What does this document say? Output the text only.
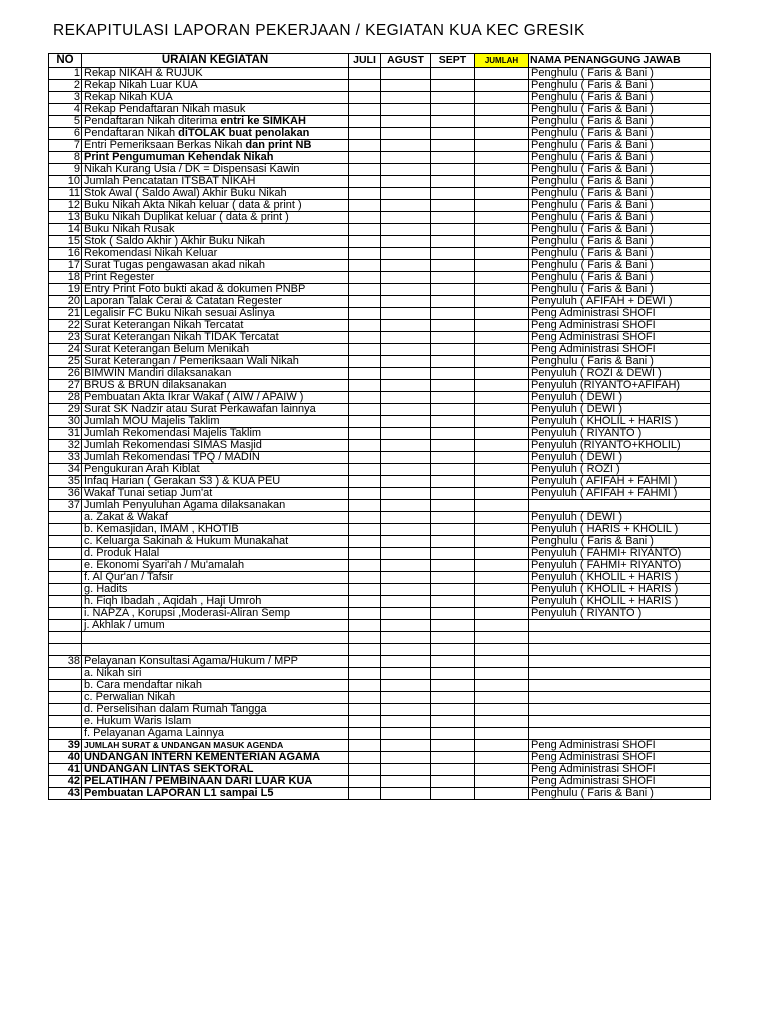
REKAPITULASI LAPORAN PEKERJAAN / KEGIATAN KUA KEC GRESIK
NO	URAIAN KEGIATAN	JULI	AGUST	SEPT	JUMLAH	NAMA PENANGGUNG JAWAB
1	Rekap NIKAH & RUJUK					Penghulu ( Faris & Bani )
2	Rekap Nikah Luar KUA					Penghulu ( Faris & Bani )
3	Rekap Nikah KUA					Penghulu ( Faris & Bani )
4	Rekap Pendaftaran Nikah masuk					Penghulu ( Faris & Bani )
5	Pendaftaran Nikah diterima entri ke SIMKAH					Penghulu ( Faris & Bani )
6	Pendaftaran Nikah diTOLAK buat penolakan					Penghulu ( Faris & Bani )
7	Entri Pemeriksaan Berkas Nikah dan print NB					Penghulu ( Faris & Bani )
8	Print Pengumuman Kehendak Nikah					Penghulu ( Faris & Bani )
9	Nikah Kurang Usia / DK = Dispensasi Kawin					Penghulu ( Faris & Bani )
10	Jumlah Pencatatan ITSBAT NIKAH					Penghulu ( Faris & Bani )
11	Stok Awal ( Saldo Awal) Akhir Buku Nikah					Penghulu ( Faris & Bani )
12	Buku Nikah Akta Nikah keluar ( data & print )					Penghulu ( Faris & Bani )
13	Buku Nikah Duplikat keluar ( data & print )					Penghulu ( Faris & Bani )
14	Buku Nikah Rusak					Penghulu ( Faris & Bani )
15	Stok ( Saldo Akhir ) Akhir Buku Nikah					Penghulu ( Faris & Bani )
16	Rekomendasi Nikah Keluar					Penghulu ( Faris & Bani )
17	Surat Tugas pengawasan akad nikah					Penghulu ( Faris & Bani )
18	Print Regester					Penghulu ( Faris & Bani )
19	Entry Print Foto bukti akad & dokumen PNBP					Penghulu ( Faris & Bani )
20	Laporan Talak Cerai & Catatan Regester					Penyuluh ( AFIFAH + DEWI )
21	Legalisir FC Buku Nikah sesuai Aslinya					Peng Administrasi SHOFI
22	Surat Keterangan Nikah Tercatat					Peng Administrasi SHOFI
23	Surat Keterangan Nikah TIDAK Tercatat					Peng Administrasi SHOFI
24	Surat Keterangan Belum Menikah					Peng Administrasi SHOFI
25	Surat Keterangan / Pemeriksaan Wali Nikah					Penghulu ( Faris & Bani )
26	BIMWIN Mandiri dilaksanakan					Penyuluh ( ROZI & DEWI )
27	BRUS & BRUN dilaksanakan					Penyuluh (RIYANTO+AFIFAH)
28	Pembuatan Akta Ikrar Wakaf ( AIW / APAIW )					Penyuluh ( DEWI )
29	Surat SK Nadzir atau Surat Perkawafan lainnya					Penyuluh ( DEWI )
30	Jumlah MOU Majelis Taklim					Penyuluh ( KHOLIL + HARIS )
31	Jumlah Rekomendasi Majelis Taklim					Penyuluh ( RIYANTO )
32	Jumlah Rekomendasi SIMAS Masjid					Penyuluh (RIYANTO+KHOLIL)
33	Jumlah Rekomendasi TPQ / MADIN					Penyuluh ( DEWI )
34	Pengukuran Arah Kiblat					Penyuluh ( ROZI )
35	Infaq Harian ( Gerakan S3 ) & KUA PEU					Penyuluh ( AFIFAH + FAHMI )
36	Wakaf Tunai setiap Jum'at					Penyuluh ( AFIFAH + FAHMI )
37	Jumlah Penyuluhan Agama dilaksanakan					
	a. Zakat & Wakaf					Penyuluh ( DEWI )
	b. Kemasjidan, IMAM , KHOTIB					Penyuluh ( HARIS + KHOLIL )
	c. Keluarga Sakinah & Hukum Munakahat					Penghulu ( Faris & Bani )
	d. Produk Halal					Penyuluh ( FAHMI+ RIYANTO)
	e. Ekonomi Syari'ah / Mu'amalah					Penyuluh ( FAHMI+ RIYANTO)
	f. Al Qur'an / Tafsir					Penyuluh ( KHOLIL + HARIS )
	g. Hadits					Penyuluh ( KHOLIL + HARIS )
	h. Fiqh Ibadah , Aqidah , Haji Umroh					Penyuluh ( KHOLIL + HARIS )
	i. NAPZA , Korupsi ,Moderasi-Aliran Semp					Penyuluh ( RIYANTO )
	j. Akhlak / umum					

38	Pelayanan Konsultasi Agama/Hukum / MPP					
	a. Nikah siri					
	b. Cara mendaftar nikah					
	c. Perwalian Nikah					
	d. Perselisihan dalam Rumah Tangga					
	e. Hukum Waris Islam					
	f. Pelayanan Agama Lainnya					
39	JUMLAH SURAT & UNDANGAN MASUK AGENDA					Peng Administrasi SHOFI
40	UNDANGAN INTERN KEMENTERIAN AGAMA					Peng Administrasi SHOFI
41	UNDANGAN LINTAS SEKTORAL					Peng Administrasi SHOFI
42	PELATIHAN / PEMBINAAN DARI LUAR KUA					Peng Administrasi SHOFI
43	Pembuatan LAPORAN L1 sampai L5					Penghulu ( Faris & Bani )
